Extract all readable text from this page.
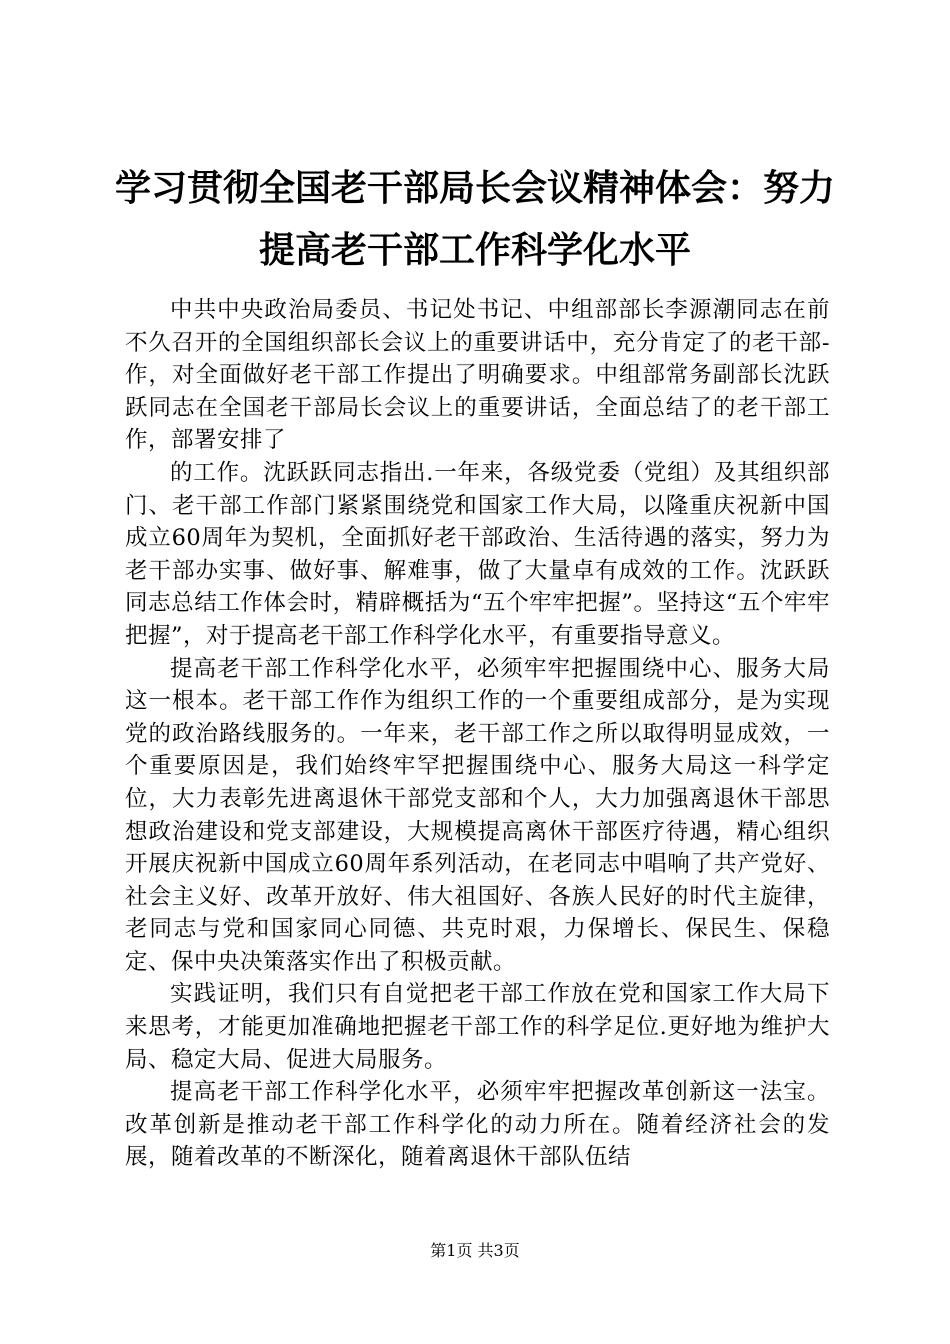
学习贯彻全国老干部局长会议精神体会：努力
提高老干部工作科学化水平

中共中央政治局委员、书记处书记、中组部部长李源潮同志在前不久召开的全国组织部长会议上的重要讲话中，充分肯定了的老干部-作，对全面做好老干部工作提出了明确要求。中组部常务副部长沈跃跃同志在全国老干部局长会议上的重要讲话，全面总结了的老干部工作，部署安排了

的工作。沈跃跃同志指出.一年来，各级党委（党组）及其组织部门、老干部工作部门紧紧围绕党和国家工作大局，以隆重庆祝新中国成立60周年为契机，全面抓好老干部政治、生活待遇的落实，努力为老干部办实事、做好事、解难事，做了大量卓有成效的工作。沈跃跃同志总结工作体会时，精辟概括为“五个牢牢把握”。坚持这“五个牢牢把握”，对于提高老干部工作科学化水平，有重要指导意义。

提高老干部工作科学化水平，必须牢牢把握围绕中心、服务大局这一根本。老干部工作作为组织工作的一个重要组成部分，是为实现党的政治路线服务的。一年来，老干部工作之所以取得明显成效，一个重要原因是，我们始终牢罕把握围绕中心、服务大局这一科学定位，大力表彰先进离退休干部党支部和个人，大力加强离退休干部思想政治建设和党支部建设，大规模提高离休干部医疗待遇，精心组织开展庆祝新中国成立60周年系列活动，在老同志中唱响了共产党好、社会主义好、改革开放好、伟大祖国好、各族人民好的时代主旋律，老同志与党和国家同心同德、共克时艰，力保增长、保民生、保稳定、保中央决策落实作出了积极贡献。

实践证明，我们只有自觉把老干部工作放在党和国家工作大局下来思考，才能更加准确地把握老干部工作的科学足位.更好地为维护大局、稳定大局、促进大局服务。

提高老干部工作科学化水平，必须牢牢把握改革创新这一法宝。改革创新是推动老干部工作科学化的动力所在。随着经济社会的发展，随着改革的不断深化，随着离退休干部队伍结

第1页 共3页
